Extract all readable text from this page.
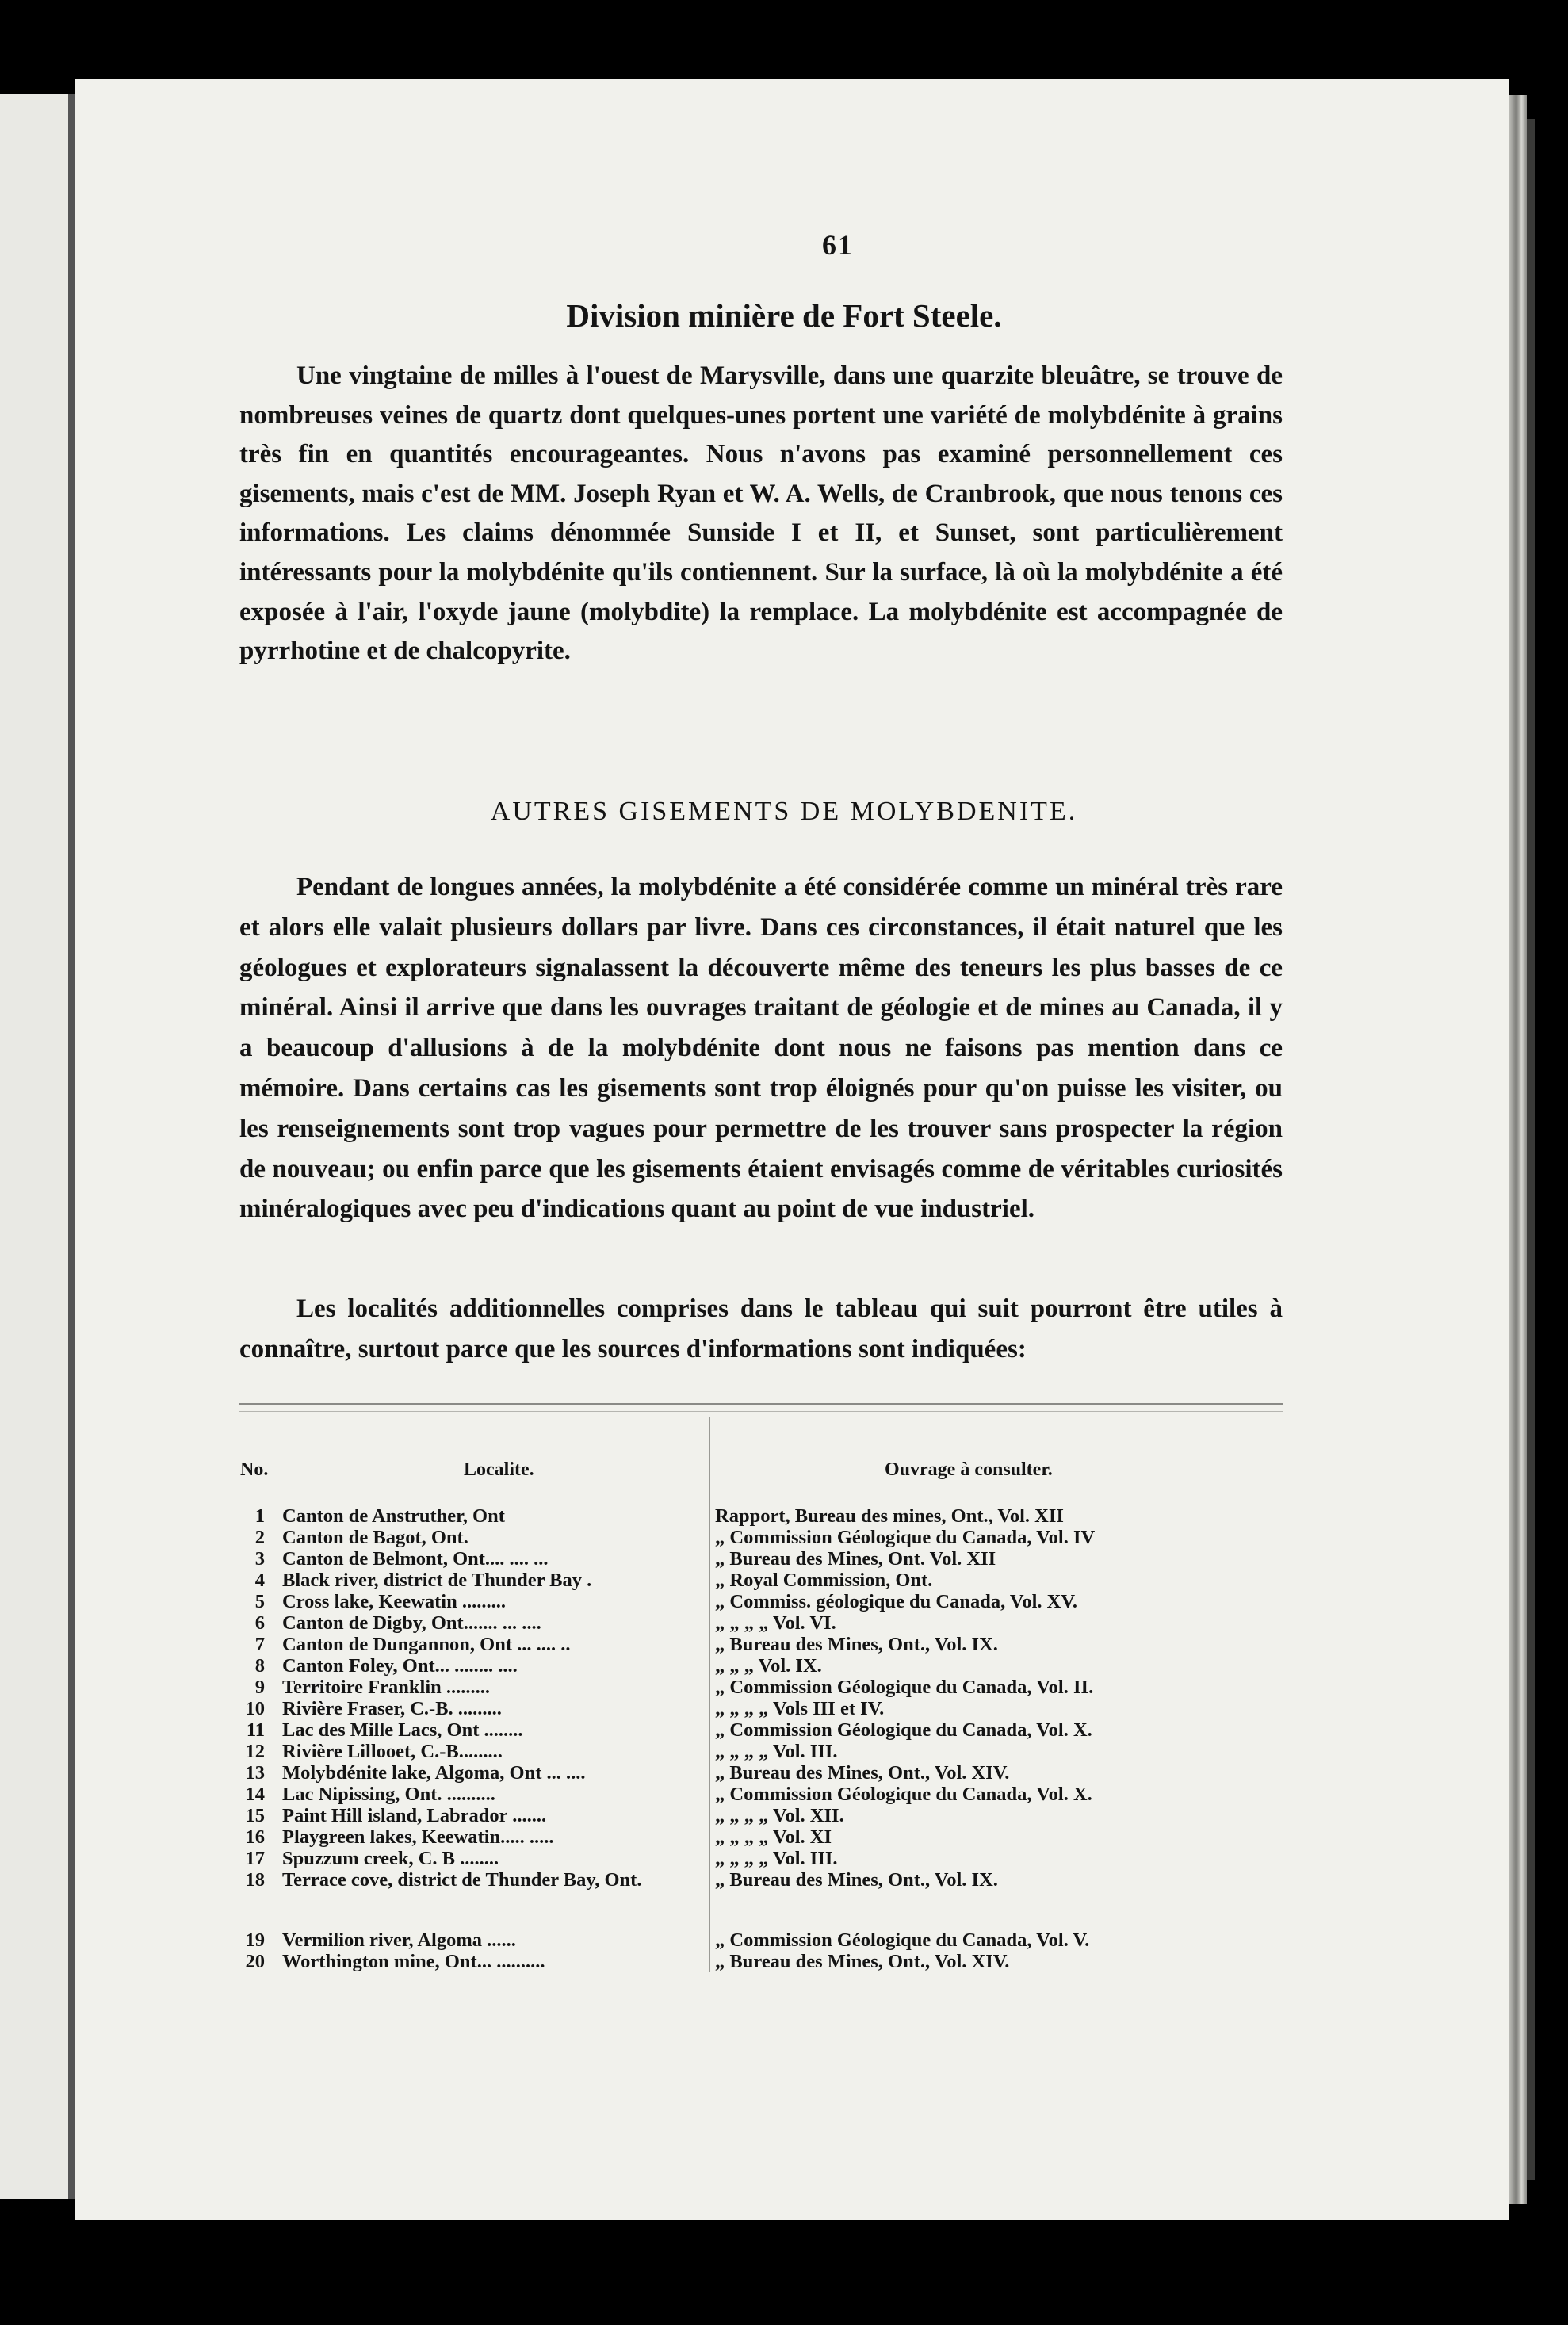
61
Division minière de Fort Steele.

Une vingtaine de milles à l'ouest de Marysville, dans une quarzite bleuâtre, se trouve de nombreuses veines de quartz dont quelques-unes portent une variété de molybdénite à grains très fin en quantités encourageantes. Nous n'avons pas examiné personnellement ces gisements, mais c'est de MM. Joseph Ryan et W. A. Wells, de Cranbrook, que nous tenons ces informations. Les claims dénommée Sunside I et II, et Sunset, sont particulièrement intéressants pour la molybdénite qu'ils contiennent. Sur la surface, là où la molybdénite a été exposée à l'air, l'oxyde jaune (molybdite) la remplace. La molybdénite est accompagnée de pyrrhotine et de chalcopyrite.

AUTRES GISEMENTS DE MOLYBDENITE.

Pendant de longues années, la molybdénite a été considérée comme un minéral très rare et alors elle valait plusieurs dollars par livre. Dans ces circonstances, il était naturel que les géologues et explorateurs signalassent la découverte même des teneurs les plus basses de ce minéral. Ainsi il arrive que dans les ouvrages traitant de géologie et de mines au Canada, il y a beaucoup d'allusions à de la molybdénite dont nous ne faisons pas mention dans ce mémoire. Dans certains cas les gisements sont trop éloignés pour qu'on puisse les visiter, ou les renseignements sont trop vagues pour permettre de les trouver sans prospecter la région de nouveau; ou enfin parce que les gisements étaient envisagés comme de véritables curiosités minéralogiques avec peu d'indications quant au point de vue industriel.

Les localités additionnelles comprises dans le tableau qui suit pourront être utiles à connaître, surtout parce que les sources d'informations sont indiquées:

No.	Localite.	Ouvrage à consulter.
1 Canton de Anstruther, Ont	Rapport, Bureau des mines, Ont., Vol. XII
2 Canton de Bagot, Ont.	„ Commission Géologique du Canada, Vol. IV
3 Canton de Belmont, Ont.... .... ...	„ Bureau des Mines, Ont. Vol. XII
4 Black river, district de Thunder Bay .	„ Royal Commission, Ont.
5 Cross lake, Keewatin .........	„ Commiss. géologique du Canada, Vol. XV.
6 Canton de Digby, Ont....... ... ....	„ „ „ „ Vol. VI.
7 Canton de Dungannon, Ont ... .... ..	„ Bureau des Mines, Ont., Vol. IX.
8 Canton Foley, Ont... ........ ....	„ „ „ Vol. IX.
9 Territoire Franklin .........	„ Commission Géologique du Canada, Vol. II.
10 Rivière Fraser, C.-B. .........	„ „ „ „ Vols III et IV.
11 Lac des Mille Lacs, Ont ........	„ Commission Géologique du Canada, Vol. X.
12 Rivière Lillooet, C.-B.........	„ „ „ „ Vol. III.
13 Molybdénite lake, Algoma, Ont ... ....	„ Bureau des Mines, Ont., Vol. XIV.
14 Lac Nipissing, Ont. ..........	„ Commission Géologique du Canada, Vol. X.
15 Paint Hill island, Labrador .......	„ „ „ „ Vol. XII.
16 Playgreen lakes, Keewatin..... .....	„ „ „ „ Vol. XI
17 Spuzzum creek, C. B ........	„ „ „ „ Vol. III.
18 Terrace cove, district de Thunder Bay, Ont.	„ Bureau des Mines, Ont., Vol. IX.
19 Vermilion river, Algoma ......	„ Commission Géologique du Canada, Vol. V.
20 Worthington mine, Ont... ..........	„ Bureau des Mines, Ont., Vol. XIV.
